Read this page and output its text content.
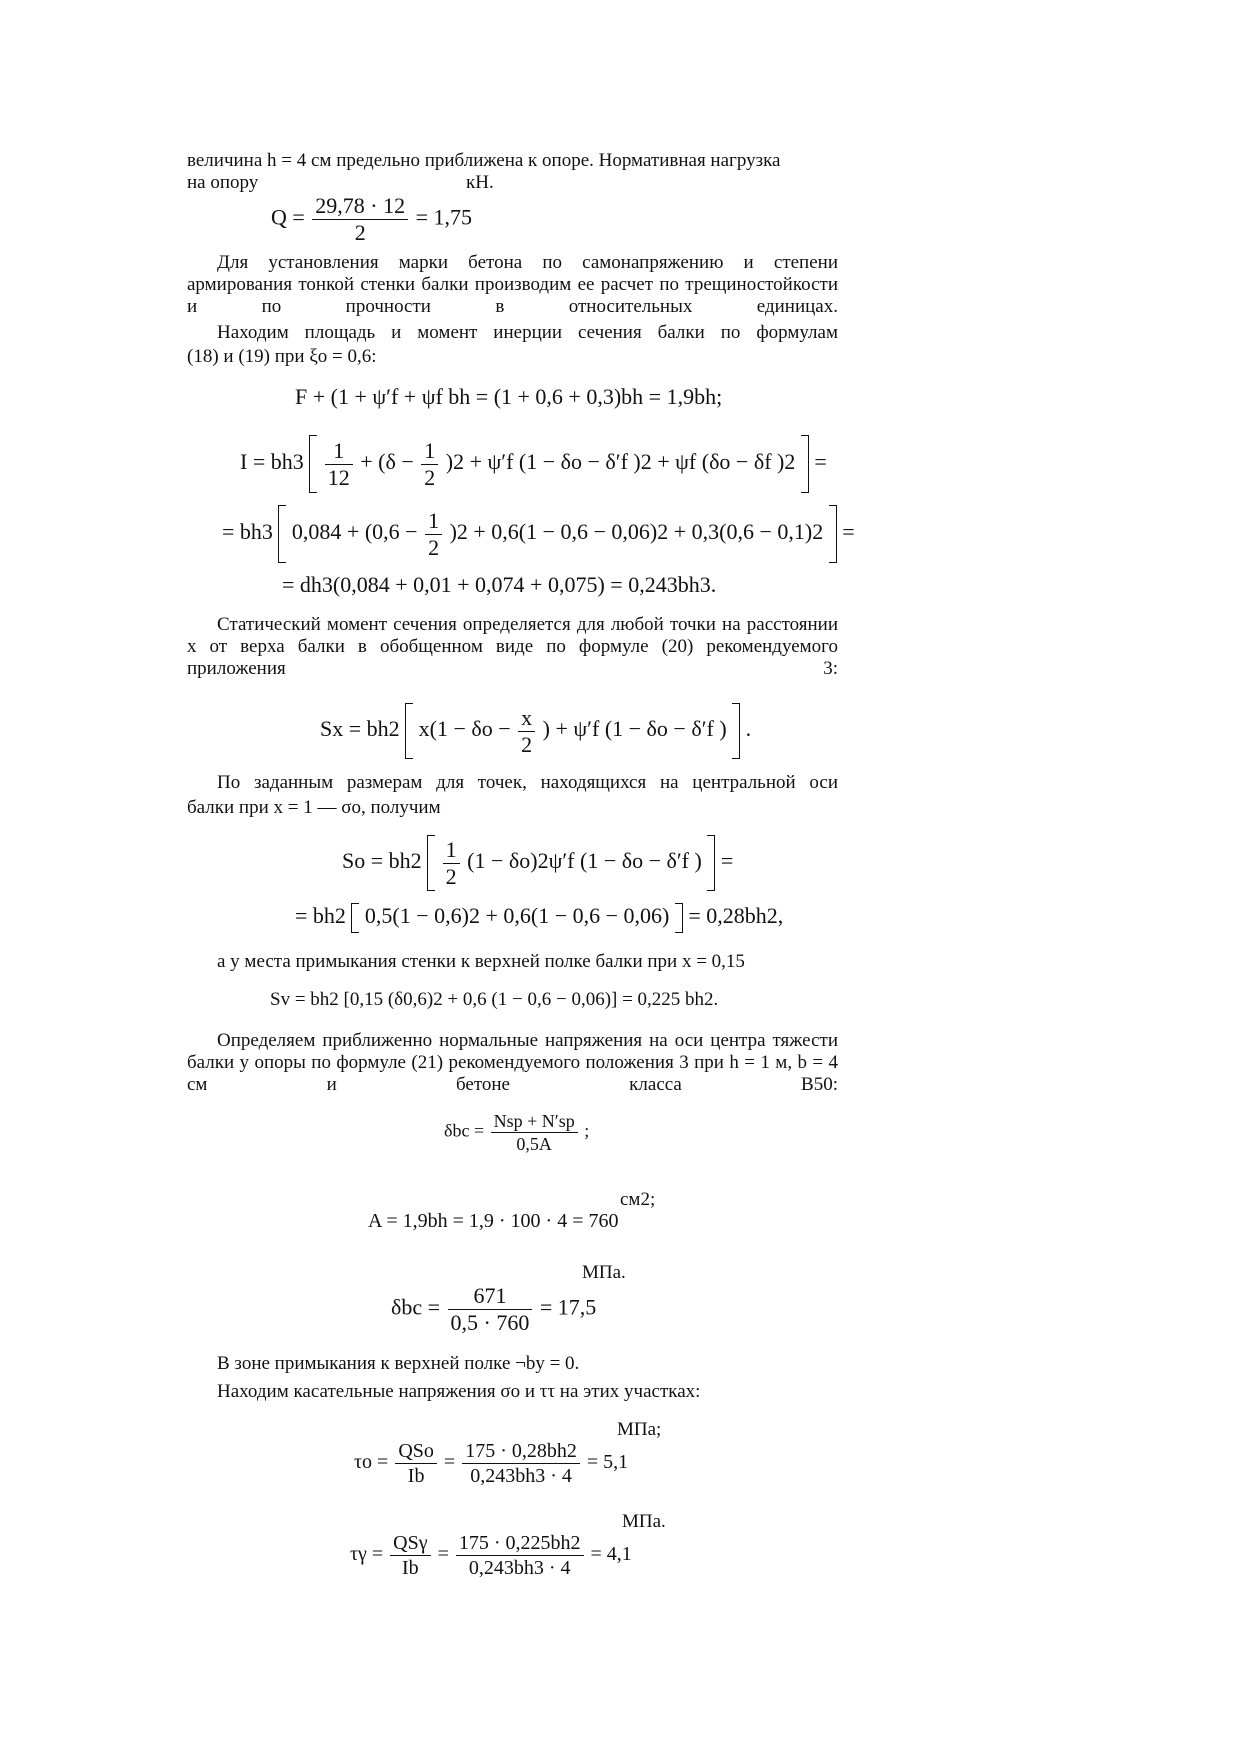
величина h = 4 см предельно приближена к опоре. Нормативная нагрузка
на опору	кН.
$Q = \frac{29,78 \cdot 12}{2} = 1,75$
Для установления марки бетона по самонапряжению и степени армирования тонкой стенки балки производим ее расчет по трещиностойкости и по прочности в относительных единицах.
Находим площадь и момент инерции сечения балки по формулам
(18) и (19) при ξo = 0,6:
F + (1 + ψ′f + ψf bh = (1 + 0,6 + 0,3)bh = 1,9bh;
$I = bh3 \frac{1}{12} + (\delta - \frac{1}{2} )2 + \psi'f$ (1 − δo − δ′f )2 + ψf (δo − δf )2 =
= bh3 $0,084 + (0,6 - \frac{1}{2} )2 + 0,6(1 - 0,6 - 0,06)2 + 0,3(0,6 - 0,1)2$ =
= dh3(0,084 + 0,01 + 0,074 + 0,075) = 0,243bh3.
Статический момент сечения определяется для любой точки на расстоянии x от верха балки в обобщенном виде по формуле (20) рекомендуемого приложения 3:
Sx = bh2 $x(1 - \delta o - \frac{x}{2}$ ) + ψ′f (1 − δo − δ′f ) .
По заданным размерам для точек, находящихся на центральной оси
балки при x = 1 — σo, получим
$So = bh2 \frac{1}{2} (1 - \delta o)2\psi'f$ (1 − δo − δ′f ) =
= bh2 0,5(1 − 0,6)2 + 0,6(1 − 0,6 − 0,06) = 0,28bh2,
а у места примыкания стенки к верхней полке балки при x = 0,15
Sv = bh2 [0,15 (δ0,6)2 + 0,6 (1 − 0,6 − 0,06)] = 0,225 bh2.
Определяем приближенно нормальные напряжения на оси центра тяжести балки у опоры по формуле (21) рекомендуемого положения 3 при h = 1 м, b = 4 см и бетоне класса В50:
$\delta bc = \frac{\text{Nsp + N′sp}}{0,5A}$ ;
см2;
A = 1,9bh = 1,9 · 100 · 4 = 760
МПа.
$\delta bc = \frac{671}{0,5 \cdot 760} = 17,5$
В зоне примыкания к верхней полке ¬by = 0.
Находим касательные напряжения σo и ττ на этих участках:
МПа;
$\tau o = \frac{\text{QSo}}{Ib} = \frac{175 \cdot 0,28bh2}{0,243bh3 \cdot 4} = 5,1$
МПа.
$\tau\gamma = \frac{\text{QSγ}}{Ib} = \frac{175 \cdot 0,225bh2}{0,243bh3 \cdot 4} = 4,1$
